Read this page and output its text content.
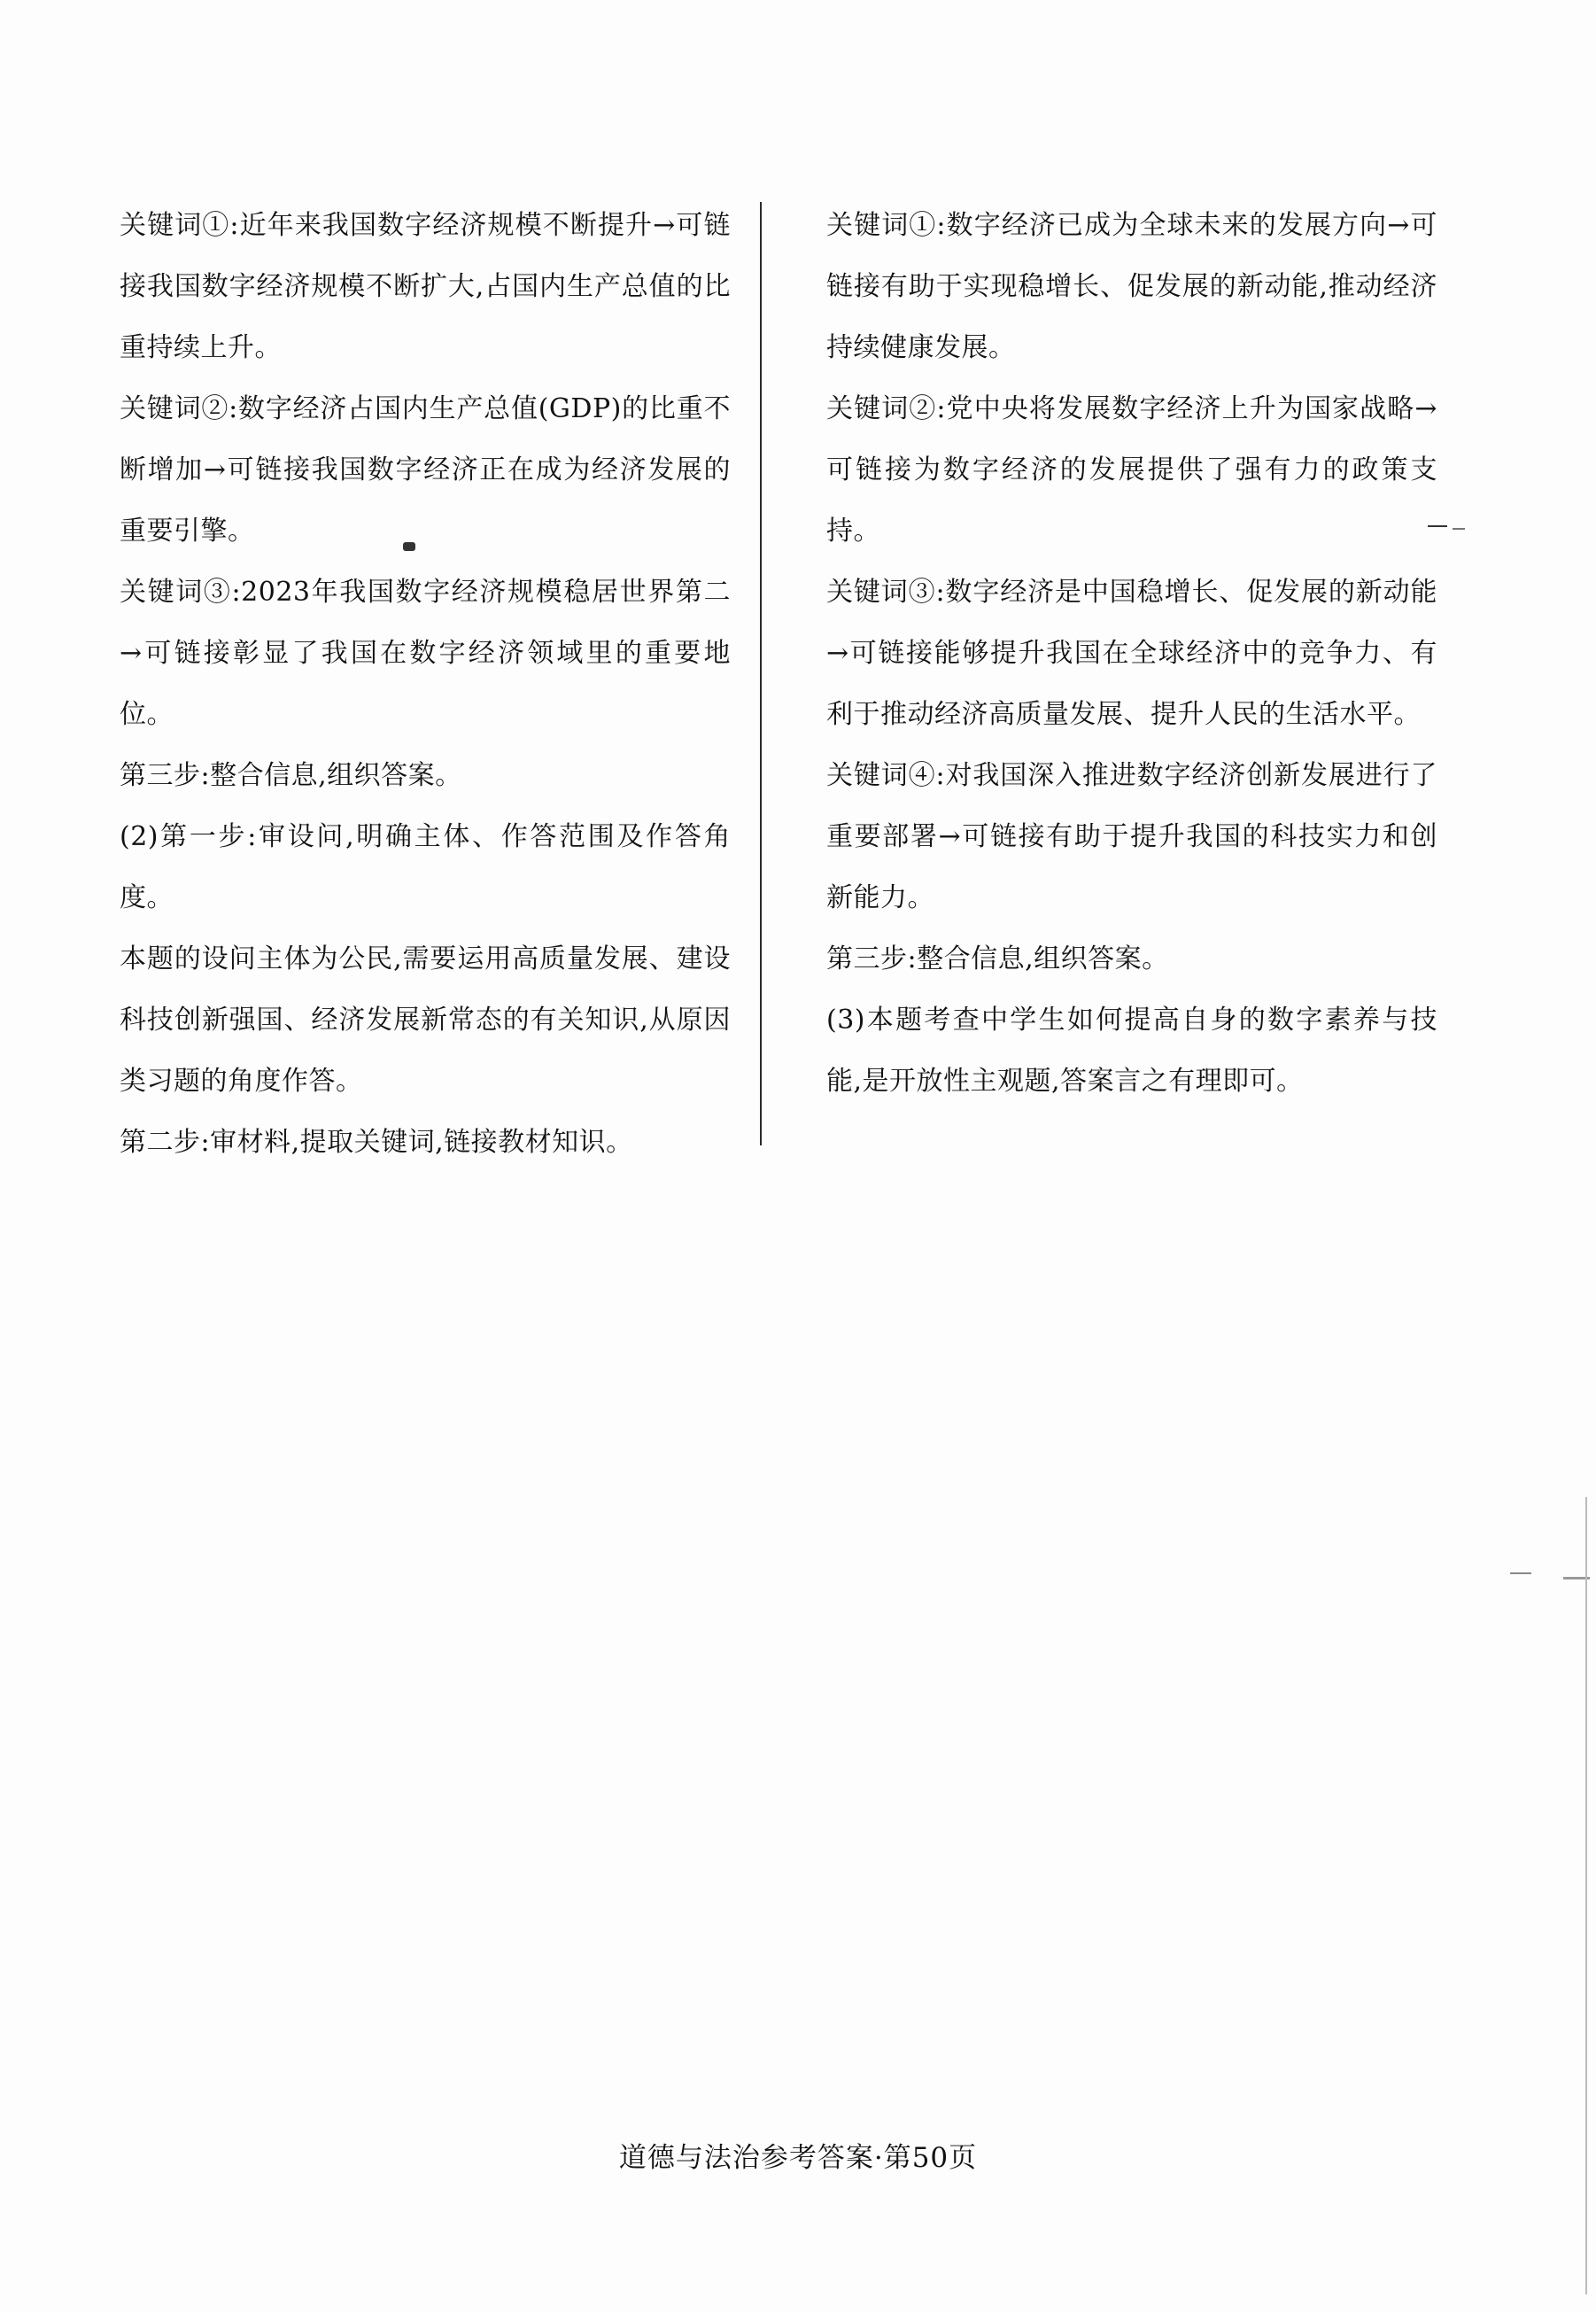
关键词①:近年来我国数字经济规模不断提升→可链接我国数字经济规模不断扩大,占国内生产总值的比重持续上升。

关键词②:数字经济占国内生产总值(GDP)的比重不断增加→可链接我国数字经济正在成为经济发展的重要引擎。

关键词③:2023年我国数字经济规模稳居世界第二→可链接彰显了我国在数字经济领域里的重要地位。

第三步:整合信息,组织答案。

(2)第一步:审设问,明确主体、作答范围及作答角度。

本题的设问主体为公民,需要运用高质量发展、建设科技创新强国、经济发展新常态的有关知识,从原因类习题的角度作答。

第二步:审材料,提取关键词,链接教材知识。

关键词①:数字经济已成为全球未来的发展方向→可链接有助于实现稳增长、促发展的新动能,推动经济持续健康发展。

关键词②:党中央将发展数字经济上升为国家战略→可链接为数字经济的发展提供了强有力的政策支持。

关键词③:数字经济是中国稳增长、促发展的新动能→可链接能够提升我国在全球经济中的竞争力、有利于推动经济高质量发展、提升人民的生活水平。

关键词④:对我国深入推进数字经济创新发展进行了重要部署→可链接有助于提升我国的科技实力和创新能力。

第三步:整合信息,组织答案。

(3)本题考查中学生如何提高自身的数字素养与技能,是开放性主观题,答案言之有理即可。

道德与法治参考答案·第50页
